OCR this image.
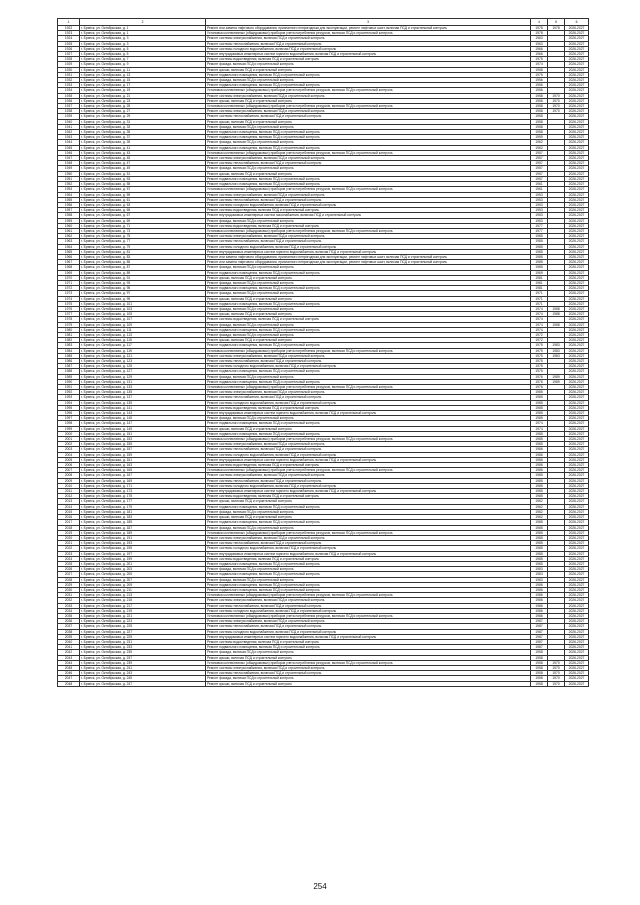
1	2	3	4	5	6
1922	г. Брянск, ул. Октябрьская, д. 1	Ремонт или замена лифтового оборудования, признанного непригодным для эксплуатации, ремонт лифтовых шахт, включая ПСД и строительный контроль	1978	1978	2026-2027
1923	г. Брянск, ул. Октябрьская, д. 1	Установка коллективных (общедомовых) приборов учета потребления ресурсов, включая ПСД и строительный контроль	1978		2026-2027
1924	г. Брянск, ул. Октябрьская, д. 3	Ремонт системы электроснабжения, включая ПСД и строительный контроль	1963		2026-2027
1925	г. Брянск, ул. Октябрьская, д. 3	Ремонт системы теплоснабжения, включая ПСД и строительный контроль	1963		2026-2027
1926	г. Брянск, ул. Октябрьская, д. 5	Ремонт системы холодного водоснабжения, включая ПСД и строительный контроль	1966		2026-2027
1927	г. Брянск, ул. Октябрьская, д. 5	Ремонт внутридомовых инженерных систем горячего водоснабжения, включая ПСД и строительный контроль	1966		2026-2027
1928	г. Брянск, ул. Октябрьская, д. 7	Ремонт системы водоотведения, включая ПСД и строительный контроль	1975		2026-2027
1929	г. Брянск, ул. Октябрьская, д. 9	Ремонт фасада, включая ПСД и строительный контроль	1974		2026-2027
1930	г. Брянск, ул. Октябрьская, д. 11	Ремонт крыши, включая ПСД и строительный контроль	1958		2026-2027
1931	г. Брянск, ул. Октябрьская, д. 13	Ремонт подвального помещения, включая ПСД и строительный контроль	1975		2026-2027
1932	г. Брянск, ул. Октябрьская, д. 15	Ремонт фасада, включая ПСД и строительный контроль	1956		2026-2027
1933	г. Брянск, ул. Октябрьская, д. 17	Ремонт подвального помещения, включая ПСД и строительный контроль	1956		2026-2027
1934	г. Брянск, ул. Октябрьская, д. 19	Установка коллективных (общедомовых) приборов учета потребления ресурсов, включая ПСД и строительный контроль	1956		2026-2027
1935	г. Брянск, ул. Октябрьская, д. 21	Ремонт системы электроснабжения, включая ПСД и строительный контроль	1958	1970	2026-2027
1936	г. Брянск, ул. Октябрьская, д. 23	Ремонт крыши, включая ПСД и строительный контроль	1958	1970	2026-2027
1937	г. Брянск, ул. Октябрьская, д. 25	Установка коллективных (общедомовых) приборов учета потребления ресурсов, включая ПСД и строительный контроль	1958	1970	2026-2027
1938	г. Брянск, ул. Октябрьская, д. 27	Ремонт системы электроснабжения, включая ПСД и строительный контроль	1958	1970	2026-2027
1939	г. Брянск, ул. Октябрьская, д. 29	Ремонт системы теплоснабжения, включая ПСД и строительный контроль	1958		2026-2027
1940	г. Брянск, ул. Октябрьская, д. 31	Ремонт крыши, включая ПСД и строительный контроль	1958		2026-2027
1941	г. Брянск, ул. Октябрьская, д. 33	Ремонт фасада, включая ПСД и строительный контроль	1958		2026-2027
1942	г. Брянск, ул. Октябрьская, д. 35	Ремонт подвального помещения, включая ПСД и строительный контроль	1958		2026-2027
1943	г. Брянск, ул. Октябрьская, д. 37	Ремонт подвального помещения, включая ПСД и строительный контроль	1959		2026-2027
1944	г. Брянск, ул. Октябрьская, д. 39	Ремонт фасада, включая ПСД и строительный контроль	1962		2026-2027
1945	г. Брянск, ул. Октябрьская, д. 41	Ремонт подвального помещения, включая ПСД и строительный контроль	1962		2026-2027
1946	г. Брянск, ул. Октябрьская, д. 43	Установка коллективных (общедомовых) приборов учета потребления ресурсов, включая ПСД и строительный контроль	1957		2026-2027
1947	г. Брянск, ул. Октябрьская, д. 45	Ремонт системы электроснабжения, включая ПСД и строительный контроль	1957		2026-2027
1948	г. Брянск, ул. Октябрьская, д. 47	Ремонт системы теплоснабжения, включая ПСД и строительный контроль	1957		2026-2027
1949	г. Брянск, ул. Октябрьская, д. 49	Ремонт фасада, включая ПСД и строительный контроль	1957		2026-2027
1950	г. Брянск, ул. Октябрьская, д. 51	Ремонт крыши, включая ПСД и строительный контроль	1957		2026-2027
1951	г. Брянск, ул. Октябрьская, д. 53	Ремонт подвального помещения, включая ПСД и строительный контроль	1957		2026-2027
1952	г. Брянск, ул. Октябрьская, д. 55	Ремонт подвального помещения, включая ПСД и строительный контроль	1961		2026-2027
1953	г. Брянск, ул. Октябрьская, д. 57	Установка коллективных (общедомовых) приборов учета потребления ресурсов, включая ПСД и строительный контроль	1961		2026-2027
1954	г. Брянск, ул. Октябрьская, д. 59	Ремонт системы электроснабжения, включая ПСД и строительный контроль	1953		2026-2027
1955	г. Брянск, ул. Октябрьская, д. 61	Ремонт системы теплоснабжения, включая ПСД и строительный контроль	1953		2026-2027
1956	г. Брянск, ул. Октябрьская, д. 63	Ремонт системы холодного водоснабжения, включая ПСД и строительный контроль	1953		2026-2027
1957	г. Брянск, ул. Октябрьская, д. 65	Ремонт системы водоотведения, включая ПСД и строительный контроль	1953		2026-2027
1958	г. Брянск, ул. Октябрьская, д. 67	Ремонт внутридомовых инженерных систем газоснабжения, включая ПСД и строительный контроль	1953		2026-2027
1959	г. Брянск, ул. Октябрьская, д. 69	Ремонт фасада, включая ПСД и строительный контроль	1953		2026-2027
1960	г. Брянск, ул. Октябрьская, д. 71	Ремонт системы водоотведения, включая ПСД и строительный контроль	1977		2026-2027
1961	г. Брянск, ул. Октябрьская, д. 73	Установка коллективных (общедомовых) приборов учета потребления ресурсов, включая ПСД и строительный контроль	1977		2026-2027
1962	г. Брянск, ул. Октябрьская, д. 75	Ремонт системы электроснабжения, включая ПСД и строительный контроль	1985		2026-2027
1963	г. Брянск, ул. Октябрьская, д. 77	Ремонт системы теплоснабжения, включая ПСД и строительный контроль	1985		2026-2027
1964	г. Брянск, ул. Октябрьская, д. 79	Ремонт системы холодного водоснабжения, включая ПСД и строительный контроль	1985		2026-2027
1965	г. Брянск, ул. Октябрьская, д. 81	Ремонт внутридомовых инженерных систем горячего водоснабжения, включая ПСД и строительный контроль	1985		2026-2027
1966	г. Брянск, ул. Октябрьская, д. 83	Ремонт или замена лифтового оборудования, признанного непригодным для эксплуатации, ремонт лифтовых шахт, включая ПСД и строительный контроль	1985		2026-2027
1967	г. Брянск, ул. Октябрьская, д. 85	Ремонт или замена лифтового оборудования, признанного непригодным для эксплуатации, ремонт лифтовых шахт, включая ПСД и строительный контроль	1985		2026-2027
1968	г. Брянск, ул. Октябрьская, д. 87	Ремонт фасада, включая ПСД и строительный контроль	1985		2026-2027
1969	г. Брянск, ул. Октябрьская, д. 89	Ремонт подвального помещения, включая ПСД и строительный контроль	1969		2026-2027
1970	г. Брянск, ул. Октябрьская, д. 91	Ремонт крыши, включая ПСД и строительный контроль	1981		2026-2027
1971	г. Брянск, ул. Октябрьская, д. 93	Ремонт фасада, включая ПСД и строительный контроль	1981		2026-2027
1972	г. Брянск, ул. Октябрьская, д. 95	Ремонт подвального помещения, включая ПСД и строительный контроль	1981		2026-2027
1973	г. Брянск, ул. Октябрьская, д. 97	Ремонт фасада, включая ПСД и строительный контроль	1971		2026-2027
1974	г. Брянск, ул. Октябрьская, д. 99	Ремонт крыши, включая ПСД и строительный контроль	1971		2026-2027
1975	г. Брянск, ул. Октябрьская, д. 101	Ремонт подвального помещения, включая ПСД и строительный контроль	1971		2026-2027
1976	г. Брянск, ул. Октябрьская, д. 103	Ремонт фасада, включая ПСД и строительный контроль	1974	1988	2026-2027
1977	г. Брянск, ул. Октябрьская, д. 105	Ремонт крыши, включая ПСД и строительный контроль	1974	1988	2026-2027
1978	г. Брянск, ул. Октябрьская, д. 107	Ремонт системы водоотведения, включая ПСД и строительный контроль	1974		2026-2027
1979	г. Брянск, ул. Октябрьская, д. 109	Ремонт фасада, включая ПСД и строительный контроль	1974	1988	2026-2027
1980	г. Брянск, ул. Октябрьская, д. 111	Ремонт подвального помещения, включая ПСД и строительный контроль	1974		2026-2027
1981	г. Брянск, ул. Октябрьская, д. 113	Ремонт фасада, включая ПСД и строительный контроль	1972		2026-2027
1982	г. Брянск, ул. Октябрьская, д. 115	Ремонт крыши, включая ПСД и строительный контроль	1972		2026-2027
1983	г. Брянск, ул. Октябрьская, д. 117	Ремонт подвального помещения, включая ПСД и строительный контроль	1975	1983	2026-2027
1984	г. Брянск, ул. Октябрьская, д. 119	Установка коллективных (общедомовых) приборов учета потребления ресурсов, включая ПСД и строительный контроль	1975	1983	2026-2027
1985	г. Брянск, ул. Октябрьская, д. 121	Ремонт системы электроснабжения, включая ПСД и строительный контроль	1975	1983	2026-2027
1986	г. Брянск, ул. Октябрьская, д. 123	Ремонт системы теплоснабжения, включая ПСД и строительный контроль	1975		2026-2027
1987	г. Брянск, ул. Октябрьская, д. 125	Ремонт системы холодного водоснабжения, включая ПСД и строительный контроль	1975		2026-2027
1988	г. Брянск, ул. Октябрьская, д. 127	Ремонт подвального помещения, включая ПСД и строительный контроль	1975		2026-2027
1989	г. Брянск, ул. Октябрьская, д. 129	Ремонт фасада, включая ПСД и строительный контроль	1976	1989	2026-2027
1990	г. Брянск, ул. Октябрьская, д. 131	Ремонт подвального помещения, включая ПСД и строительный контроль	1976	1989	2026-2027
1991	г. Брянск, ул. Октябрьская, д. 133	Установка коллективных (общедомовых) приборов учета потребления ресурсов, включая ПСД и строительный контроль	1976		2026-2027
1992	г. Брянск, ул. Октябрьская, д. 135	Ремонт системы электроснабжения, включая ПСД и строительный контроль	1985		2026-2027
1993	г. Брянск, ул. Октябрьская, д. 137	Ремонт системы теплоснабжения, включая ПСД и строительный контроль	1985		2026-2027
1994	г. Брянск, ул. Октябрьская, д. 139	Ремонт системы холодного водоснабжения, включая ПСД и строительный контроль	1985		2026-2027
1995	г. Брянск, ул. Октябрьская, д. 141	Ремонт системы водоотведения, включая ПСД и строительный контроль	1985		2026-2027
1996	г. Брянск, ул. Октябрьская, д. 143	Ремонт внутридомовых инженерных систем горячего водоснабжения, включая ПСД и строительный контроль	1985		2026-2027
1997	г. Брянск, ул. Октябрьская, д. 145	Ремонт фасада, включая ПСД и строительный контроль	1985		2026-2027
1998	г. Брянск, ул. Октябрьская, д. 147	Ремонт подвального помещения, включая ПСД и строительный контроль	1974		2026-2027
1999	г. Брянск, ул. Октябрьская, д. 149	Ремонт крыши, включая ПСД и строительный контроль	1974		2026-2027
2000	г. Брянск, ул. Октябрьская, д. 151	Ремонт подвального помещения, включая ПСД и строительный контроль	1985		2026-2027
2001	г. Брянск, ул. Октябрьская, д. 153	Установка коллективных (общедомовых) приборов учета потребления ресурсов, включая ПСД и строительный контроль	1985		2026-2027
2002	г. Брянск, ул. Октябрьская, д. 155	Ремонт системы электроснабжения, включая ПСД и строительный контроль	1985		2026-2027
2003	г. Брянск, ул. Октябрьская, д. 157	Ремонт системы теплоснабжения, включая ПСД и строительный контроль	1986		2026-2027
2004	г. Брянск, ул. Октябрьская, д. 159	Ремонт системы холодного водоснабжения, включая ПСД и строительный контроль	1986		2026-2027
2005	г. Брянск, ул. Октябрьская, д. 161	Ремонт внутридомовых инженерных систем горячего водоснабжения, включая ПСД и строительный контроль	1986		2026-2027
2006	г. Брянск, ул. Октябрьская, д. 163	Ремонт системы водоотведения, включая ПСД и строительный контроль	1986		2026-2027
2007	г. Брянск, ул. Октябрьская, д. 165	Установка коллективных (общедомовых) приборов учета потребления ресурсов, включая ПСД и строительный контроль	1986		2026-2027
2008	г. Брянск, ул. Октябрьская, д. 167	Ремонт системы электроснабжения, включая ПСД и строительный контроль	1985		2026-2027
2009	г. Брянск, ул. Октябрьская, д. 169	Ремонт системы теплоснабжения, включая ПСД и строительный контроль	1985		2026-2027
2010	г. Брянск, ул. Октябрьская, д. 171	Ремонт системы холодного водоснабжения, включая ПСД и строительный контроль	1985		2026-2027
2011	г. Брянск, ул. Октябрьская, д. 173	Ремонт внутридомовых инженерных систем горячего водоснабжения, включая ПСД и строительный контроль	1985		2026-2027
2012	г. Брянск, ул. Октябрьская, д. 175	Ремонт системы водоотведения, включая ПСД и строительный контроль	1985		2026-2027
2013	г. Брянск, ул. Октябрьская, д. 177	Ремонт крыши, включая ПСД и строительный контроль	1962		2026-2027
2014	г. Брянск, ул. Октябрьская, д. 179	Ремонт подвального помещения, включая ПСД и строительный контроль	1962		2026-2027
2015	г. Брянск, ул. Октябрьская, д. 181	Ремонт фасада, включая ПСД и строительный контроль	1962		2026-2027
2016	г. Брянск, ул. Октябрьская, д. 183	Ремонт крыши, включая ПСД и строительный контроль	1962		2026-2027
2017	г. Брянск, ул. Октябрьская, д. 185	Ремонт подвального помещения, включая ПСД и строительный контроль	1985		2026-2027
2018	г. Брянск, ул. Октябрьская, д. 187	Ремонт фасада, включая ПСД и строительный контроль	1985		2026-2027
2019	г. Брянск, ул. Октябрьская, д. 189	Установка коллективных (общедомовых) приборов учета потребления ресурсов, включая ПСД и строительный контроль	1985		2026-2027
2020	г. Брянск, ул. Октябрьская, д. 191	Ремонт системы электроснабжения, включая ПСД и строительный контроль	1985		2026-2027
2021	г. Брянск, ул. Октябрьская, д. 193	Ремонт системы теплоснабжения, включая ПСД и строительный контроль	1985		2026-2027
2022	г. Брянск, ул. Октябрьская, д. 195	Ремонт системы холодного водоснабжения, включая ПСД и строительный контроль	1985		2026-2027
2023	г. Брянск, ул. Октябрьская, д. 197	Ремонт внутридомовых инженерных систем горячего водоснабжения, включая ПСД и строительный контроль	1985		2026-2027
2024	г. Брянск, ул. Октябрьская, д. 199	Ремонт системы водоотведения, включая ПСД и строительный контроль	1985		2026-2027
2025	г. Брянск, ул. Октябрьская, д. 201	Ремонт подвального помещения, включая ПСД и строительный контроль	1985		2026-2027
2026	г. Брянск, ул. Октябрьская, д. 203	Ремонт фасада, включая ПСД и строительный контроль	1983		2026-2027
2027	г. Брянск, ул. Октябрьская, д. 205	Ремонт подвального помещения, включая ПСД и строительный контроль	1983		2026-2027
2028	г. Брянск, ул. Октябрьская, д. 207	Ремонт фасада, включая ПСД и строительный контроль	1983		2026-2027
2029	г. Брянск, ул. Октябрьская, д. 209	Ремонт подвального помещения, включая ПСД и строительный контроль	1986		2026-2027
2030	г. Брянск, ул. Октябрьская, д. 211	Ремонт подвального помещения, включая ПСД и строительный контроль	1986		2026-2027
2031	г. Брянск, ул. Октябрьская, д. 213	Установка коллективных (общедомовых) приборов учета потребления ресурсов, включая ПСД и строительный контроль	1986		2026-2027
2032	г. Брянск, ул. Октябрьская, д. 215	Ремонт системы электроснабжения, включая ПСД и строительный контроль	1986		2026-2027
2033	г. Брянск, ул. Октябрьская, д. 217	Ремонт системы теплоснабжения, включая ПСД и строительный контроль	1986		2026-2027
2034	г. Брянск, ул. Октябрьская, д. 219	Ремонт системы холодного водоснабжения, включая ПСД и строительный контроль	1986		2026-2027
2035	г. Брянск, ул. Октябрьская, д. 221	Установка коллективных (общедомовых) приборов учета потребления ресурсов, включая ПСД и строительный контроль	1986		2026-2027
2036	г. Брянск, ул. Октябрьская, д. 223	Ремонт системы электроснабжения, включая ПСД и строительный контроль	1987		2026-2027
2037	г. Брянск, ул. Октябрьская, д. 225	Ремонт системы теплоснабжения, включая ПСД и строительный контроль	1987		2026-2027
2038	г. Брянск, ул. Октябрьская, д. 227	Ремонт системы холодного водоснабжения, включая ПСД и строительный контроль	1987		2026-2027
2039	г. Брянск, ул. Октябрьская, д. 229	Ремонт внутридомовых инженерных систем горячего водоснабжения, включая ПСД и строительный контроль	1987		2026-2027
2040	г. Брянск, ул. Октябрьская, д. 231	Ремонт системы водоотведения, включая ПСД и строительный контроль	1987		2026-2027
2041	г. Брянск, ул. Октябрьская, д. 233	Ремонт подвального помещения, включая ПСД и строительный контроль	1987		2026-2027
2042	г. Брянск, ул. Октябрьская, д. 235	Ремонт фасада, включая ПСД и строительный контроль	1958		2026-2027
2043	г. Брянск, ул. Октябрьская, д. 237	Ремонт крыши, включая ПСД и строительный контроль	1958		2026-2027
2044	г. Брянск, ул. Октябрьская, д. 239	Установка коллективных (общедомовых) приборов учета потребления ресурсов, включая ПСД и строительный контроль	1958	1970	2026-2027
2045	г. Брянск, ул. Октябрьская, д. 241	Ремонт системы электроснабжения, включая ПСД и строительный контроль	1958	1970	2026-2027
2046	г. Брянск, ул. Октябрьская, д. 243	Ремонт системы теплоснабжения, включая ПСД и строительный контроль	1958	1970	2026-2027
2047	г. Брянск, ул. Октябрьская, д. 245	Ремонт фасада, включая ПСД и строительный контроль	1958	1970	2026-2027
2048	г. Брянск, ул. Октябрьская, д. 247	Ремонт крыши, включая ПСД и строительный контроль	1958	1970	2026-2027
254
